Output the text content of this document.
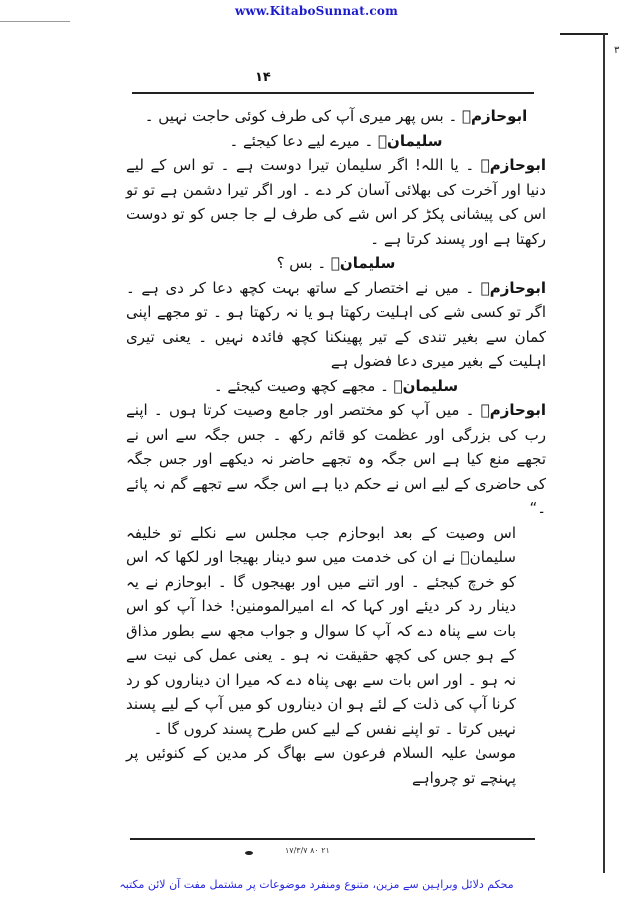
www.KitaboSunnat.com
۳
۱۴

ابوحازمؒ ۔ بس پھر میری آپ کی طرف کوئی حاجت نہیں ۔

سلیمانؒ ۔ میرے لیے دعا کیجئے ۔

ابوحازمؒ ۔ یا اللہ! اگر سلیمان تیرا دوست ہے ۔ تو اس کے لیے دنیا اور آخرت کی بھلائی آسان کر دے ۔ اور اگر تیرا دشمن ہے تو تو اس کی پیشانی پکڑ کر اس شے کی طرف لے جا جس کو تو دوست رکھتا ہے اور پسند کرتا ہے ۔

سلیمانؒ ۔ بس ؟

ابوحازمؒ ۔ میں نے اختصار کے ساتھ بہت کچھ دعا کر دی ہے ۔ اگر تو کسی شے کی اہلیت رکھتا ہو یا نہ رکھتا ہو ۔ تو مجھے اپنی کمان سے بغیر تندی کے تیر پھینکنا کچھ فائدہ نہیں ۔ یعنی تیری اہلیت کے بغیر میری دعا فضول ہے

سلیمانؒ ۔ مجھے کچھ وصیت کیجئے ۔

ابوحازمؒ ۔ میں آپ کو مختصر اور جامع وصیت کرتا ہوں ۔ اپنے رب کی بزرگی اور عظمت کو قائم رکھ ۔ جس جگہ سے اس نے تجھے منع کیا ہے اس جگہ وہ تجھے حاضر نہ دیکھے اور جس جگہ کی حاضری کے لیے اس نے حکم دیا ہے اس جگہ سے تجھے گم نہ پائے ۔“

اس وصیت کے بعد ابوحازم جب مجلس سے نکلے تو خلیفہ سلیمانؒ نے ان کی خدمت میں سو دینار بھیجا اور لکھا کہ اس کو خرچ کیجئے ۔ اور اتنے میں اور بھیجوں گا ۔ ابوحازم نے یہ دینار رد کر دیئے اور کہا کہ اے امیرالمومنین! خدا آپ کو اس بات سے پناہ دے کہ آپ کا سوال و جواب مجھ سے بطور مذاق کے ہو جس کی کچھ حقیقت نہ ہو ۔ یعنی عمل کی نیت سے نہ ہو ۔ اور اس بات سے بھی پناہ دے کہ میرا ان دیناروں کو رد کرنا آپ کی ذلت کے لئے ہو ان دیناروں کو میں آپ کے لیے پسند نہیں کرتا ۔ تو اپنے نفس کے لیے کس طرح پسند کروں گا ۔

موسیٰ علیہ السلام فرعون سے بھاگ کر مدین کے کنوئیں پر پہنچے تو چرواہے

۱۷/۳/۷ ۸۰ ۲۱
محکم دلائل وبراہین سے مزین، متنوع ومنفرد موضوعات پر مشتمل مفت آن لائن مکتبہ
